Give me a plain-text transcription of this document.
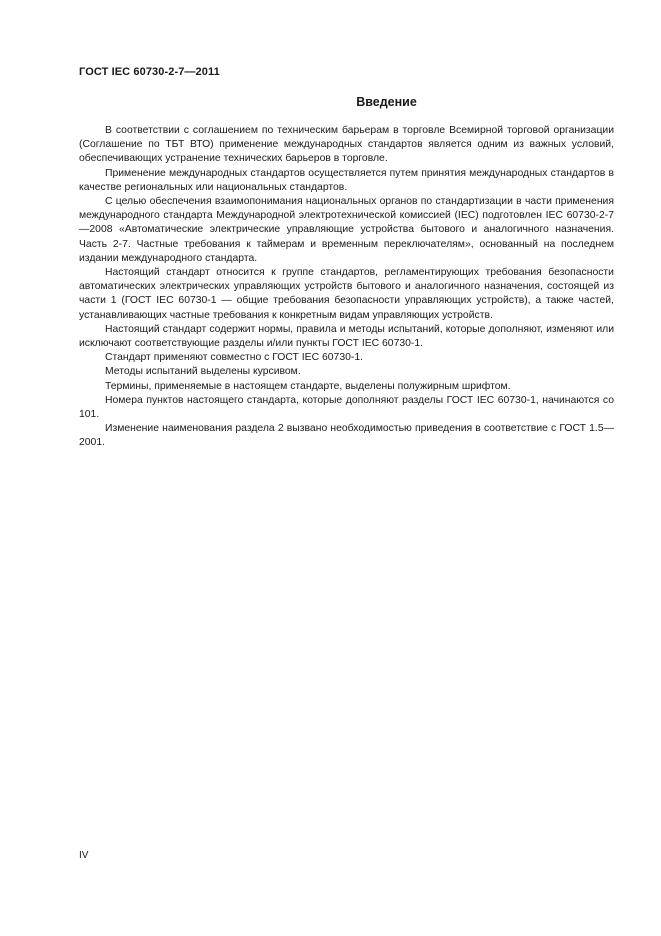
ГОСТ IEC 60730-2-7—2011
Введение

В соответствии с соглашением по техническим барьерам в торговле Всемирной торговой организации (Соглашение по ТБТ ВТО) применение международных стандартов является одним из важных условий, обеспечивающих устранение технических барьеров в торговле.

Применение международных стандартов осуществляется путем принятия международных стандартов в качестве региональных или национальных стандартов.

С целью обеспечения взаимопонимания национальных органов по стандартизации в части применения международного стандарта Международной электротехнической комиссией (IEC) подготовлен IEC 60730-2-7—2008 «Автоматические электрические управляющие устройства бытового и аналогичного назначения. Часть 2-7. Частные требования к таймерам и временным переключателям», основанный на последнем издании международного стандарта.

Настоящий стандарт относится к группе стандартов, регламентирующих требования безопасности автоматических электрических управляющих устройств бытового и аналогичного назначения, состоящей из части 1 (ГОСТ IEC 60730-1 — общие требования безопасности управляющих устройств), а также частей, устанавливающих частные требования к конкретным видам управляющих устройств.

Настоящий стандарт содержит нормы, правила и методы испытаний, которые дополняют, изменяют или исключают соответствующие разделы и/или пункты ГОСТ IEC 60730-1.

Стандарт применяют совместно с ГОСТ IEC 60730-1.

Методы испытаний выделены курсивом.

Термины, применяемые в настоящем стандарте, выделены полужирным шрифтом.

Номера пунктов настоящего стандарта, которые дополняют разделы ГОСТ IEC 60730-1, начинаются со 101.

Изменение наименования раздела 2 вызвано необходимостью приведения в соответствие с ГОСТ 1.5—2001.

IV
